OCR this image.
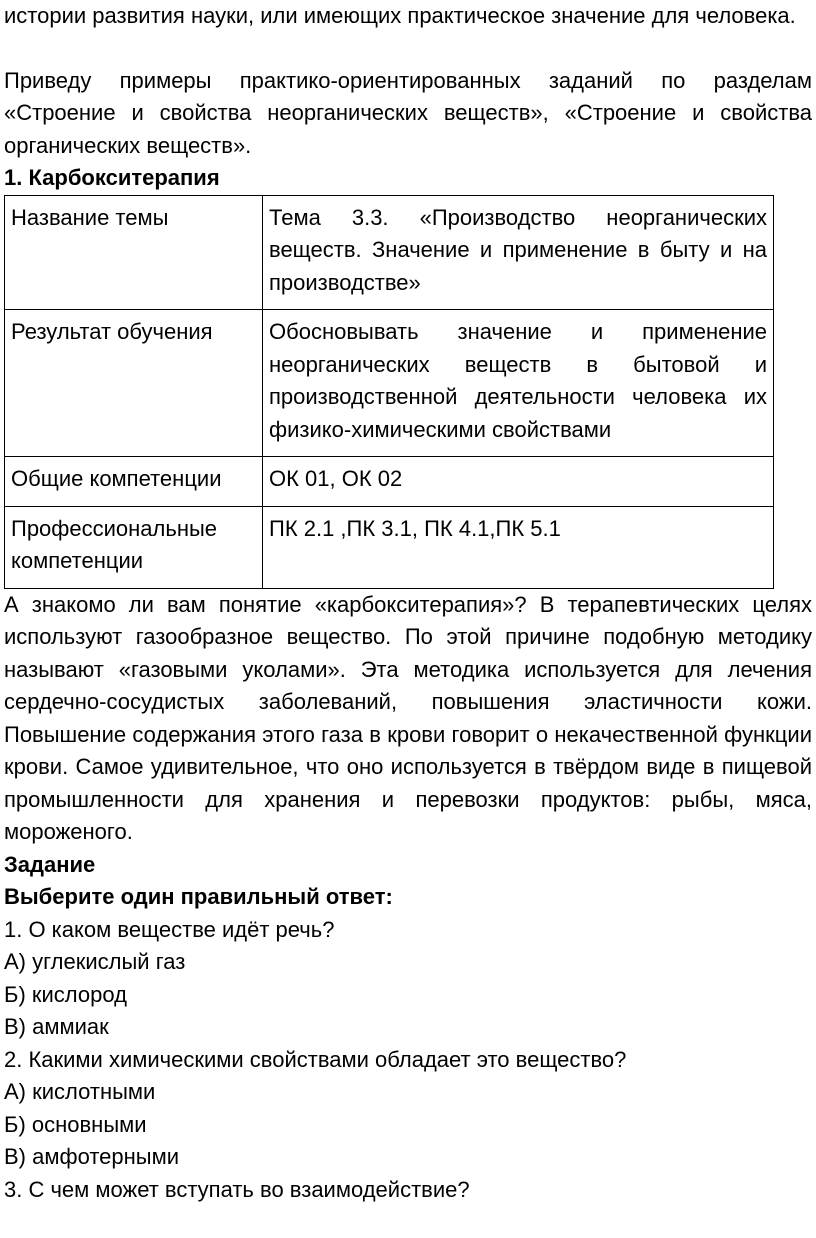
истории развития науки, или имеющих практическое значение для человека.

Приведу примеры практико-ориентированных заданий по разделам «Строение и свойства неорганических веществ», «Строение и свойства органических веществ».

1. Карбокситерапия

Название темы	Тема 3.3. «Производство неорганических веществ. Значение и применение в быту и на производстве»
Результат обучения	Обосновывать значение и применение неорганических веществ в бытовой и производственной деятельности человека их физико-химическими свойствами
Общие компетенции	ОК 01, ОК 02
Профессиональные компетенции	ПК 2.1 ,ПК 3.1, ПК 4.1,ПК 5.1

А знакомо ли вам понятие «карбокситерапия»? В терапевтических целях используют газообразное вещество. По этой причине подобную методику называют «газовыми уколами». Эта методика используется для лечения сердечно-сосудистых заболеваний, повышения эластичности кожи. Повышение содержания этого газа в крови говорит о некачественной функции крови. Самое удивительное, что оно используется в твёрдом виде в пищевой промышленности для хранения и перевозки продуктов: рыбы, мяса, мороженого.

Задание

Выберите один правильный ответ:

1. О каком веществе идёт речь?

А) углекислый газ

Б) кислород

В) аммиак

2. Какими химическими свойствами обладает это вещество?

А) кислотными

Б) основными

В) амфотерными

3. С чем может вступать во взаимодействие?
